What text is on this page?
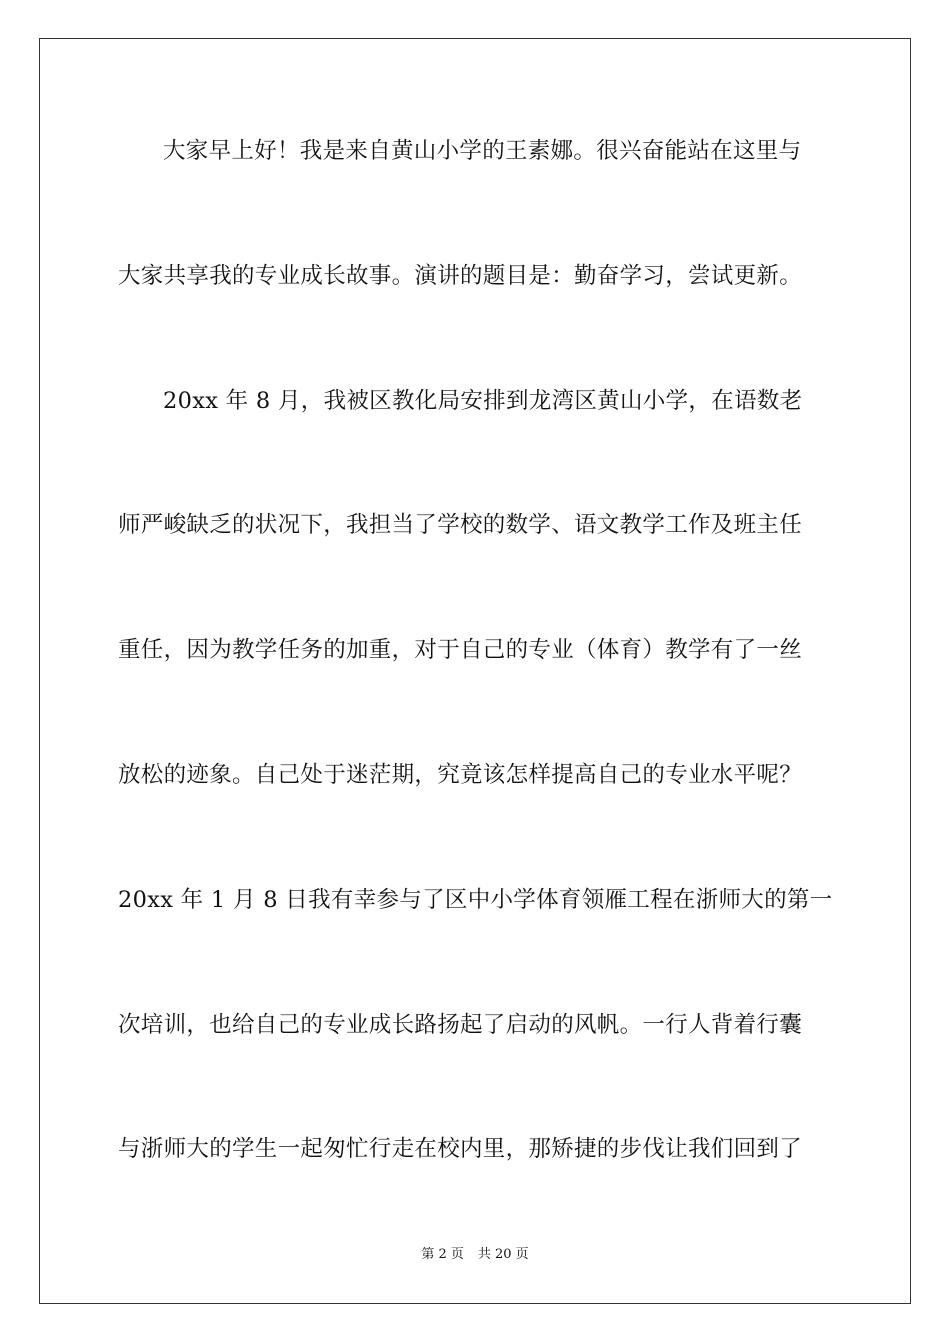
大家早上好！我是来自黄山小学的王素娜。很兴奋能站在这里与
大家共享我的专业成长故事。演讲的题目是：勤奋学习，尝试更新。
20xx 年 8 月，我被区教化局安排到龙湾区黄山小学，在语数老
师严峻缺乏的状况下，我担当了学校的数学、语文教学工作及班主任
重任，因为教学任务的加重，对于自己的专业（体育）教学有了一丝
放松的迹象。自己处于迷茫期，究竟该怎样提高自己的专业水平呢？
20xx 年 1 月 8 日我有幸参与了区中小学体育领雁工程在浙师大的第一
次培训，也给自己的专业成长路扬起了启动的风帆。一行人背着行囊
与浙师大的学生一起匆忙行走在校内里，那矫捷的步伐让我们回到了
第 2 页 共 20 页
